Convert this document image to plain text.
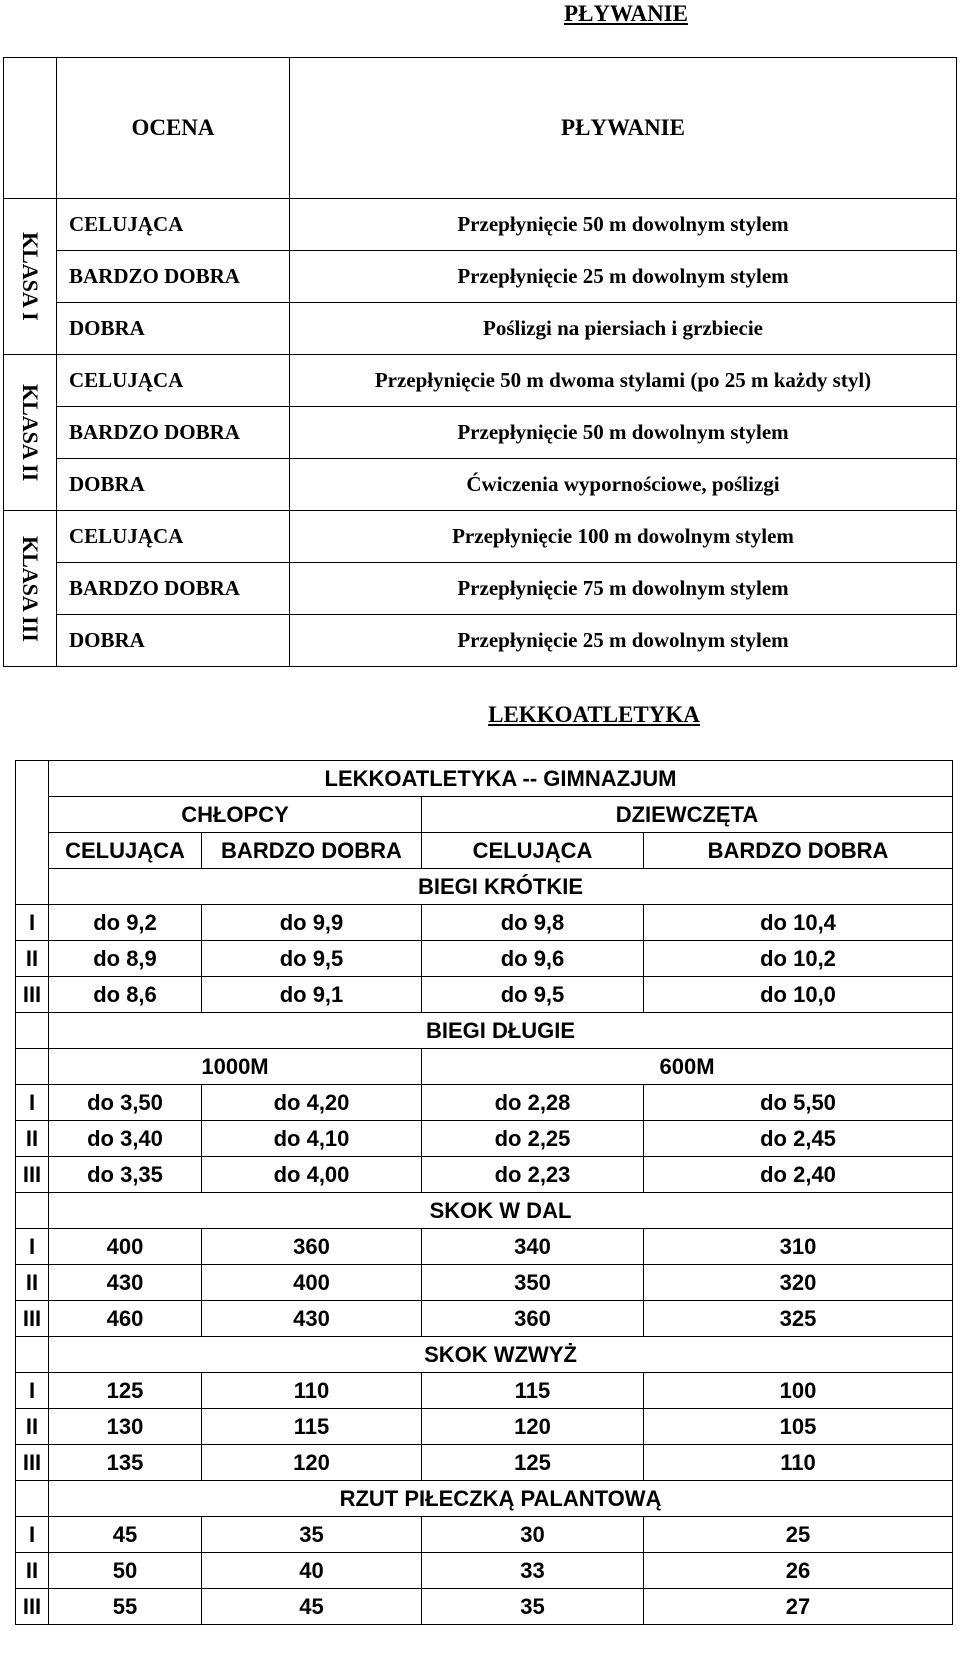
PŁYWANIE
	OCENA	PŁYWANIE

KLASA I	CELUJĄCA	Przepłynięcie 50 m dowolnym stylem
	BARDZO DOBRA	Przepłynięcie 25 m dowolnym stylem
	DOBRA	Poślizgi na piersiach i grzbiecie

KLASA II	CELUJĄCA	Przepłynięcie 50 m dwoma stylami (po 25 m każdy styl)
	BARDZO DOBRA	Przepłynięcie 50 m dowolnym stylem
	DOBRA	Ćwiczenia wypornościowe, poślizgi

KLASA III	CELUJĄCA	Przepłynięcie 100 m dowolnym stylem
	BARDZO DOBRA	Przepłynięcie 75 m dowolnym stylem
	DOBRA	Przepłynięcie 25 m dowolnym stylem
LEKKOATLETYKA
	LEKKOATLETYKA -- GIMNAZJUM			
	CHŁOPCY		DZIEWCZĘTA	
	CELUJĄCA	BARDZO DOBRA	CELUJĄCA	BARDZO DOBRA
	BIEGI KRÓTKIE			
I	do 9,2	do 9,9	do 9,8	do 10,4
II	do 8,9	do 9,5	do 9,6	do 10,2
III	do 8,6	do 9,1	do 9,5	do 10,0
	BIEGI DŁUGIE			
	1000M		600M	
I	do 3,50	do 4,20	do 2,28	do 5,50
II	do 3,40	do 4,10	do 2,25	do 2,45
III	do 3,35	do 4,00	do 2,23	do 2,40
	SKOK W DAL			
I	400	360	340	310
II	430	400	350	320
III	460	430	360	325
	SKOK WZWYŻ			
I	125	110	115	100
II	130	115	120	105
III	135	120	125	110
	RZUT PIŁECZKĄ PALANTOWĄ			
I	45	35	30	25
II	50	40	33	26
III	55	45	35	27
